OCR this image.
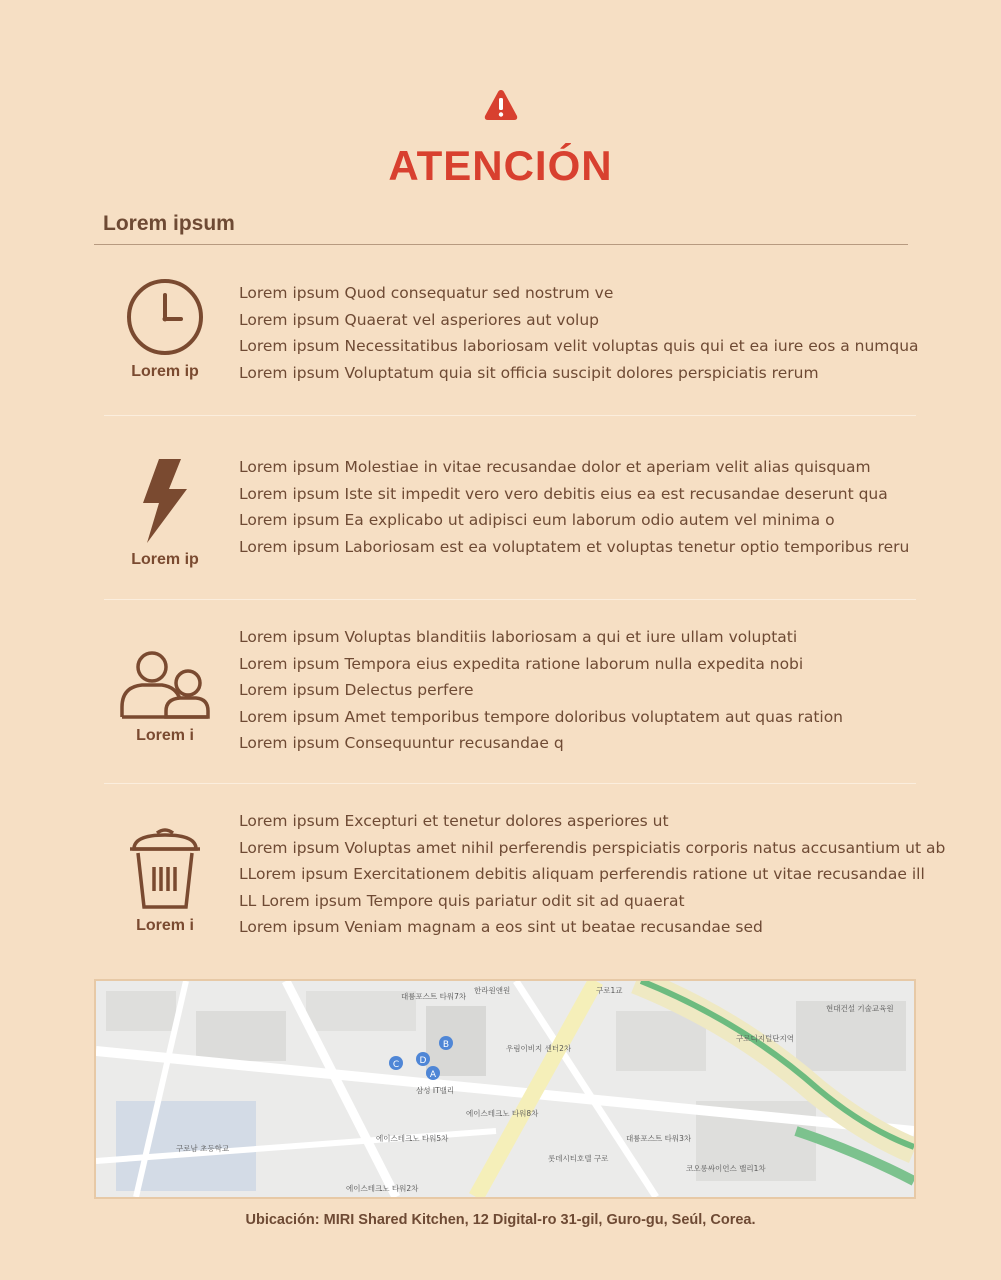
ATENCIÓN
Lorem ipsum
Lorem ip
Lorem ipsum Quod consequatur sed nostrum ve
Lorem ipsum Quaerat vel asperiores aut volup
Lorem ipsum Necessitatibus laboriosam velit voluptas quis qui et ea iure eos a numqua
Lorem ipsum Voluptatum quia sit officia suscipit dolores perspiciatis rerum
Lorem ip
Lorem ipsum Molestiae in vitae recusandae dolor et aperiam velit alias quisquam
Lorem ipsum Iste sit impedit vero vero debitis eius ea est recusandae deserunt qua
Lorem ipsum Ea explicabo ut adipisci eum laborum odio autem vel minima o
Lorem ipsum Laboriosam est ea voluptatem et voluptas tenetur optio temporibus reru
Lorem i
Lorem ipsum Voluptas blanditiis laboriosam a qui et iure ullam voluptati
Lorem ipsum Tempora eius expedita ratione laborum nulla expedita nobi
Lorem ipsum Delectus perfere
Lorem ipsum Amet temporibus tempore doloribus voluptatem aut quas ration
Lorem ipsum Consequuntur recusandae q
Lorem i
Lorem ipsum Excepturi et tenetur dolores asperiores ut
Lorem ipsum Voluptas amet nihil perferendis perspiciatis corporis natus accusantium ut ab
LLorem ipsum Exercitationem debitis aliquam perferendis ratione ut vitae recusandae ill
LL Lorem ipsum Tempore quis pariatur odit sit ad quaerat
Lorem ipsum Veniam magnam a eos sint ut beatae recusandae sed
B
C D
A
대륭포스트 타워7차
한라원앤원
구로디지털단지역
삼성 IT밸리
에이스테크노 타워8차
롯데시티호텔 구로
대륭포스트 타워3차
코오롱싸이언스 밸리1차
에이스테크노 타워2차
구로1교
현대건설 기술교육원
우림이비지 센터2차
구로남 초등학교
에이스테크노 타워5차
Ubicación: MIRI Shared Kitchen, 12 Digital-ro 31-gil, Guro-gu, Seúl, Corea.
